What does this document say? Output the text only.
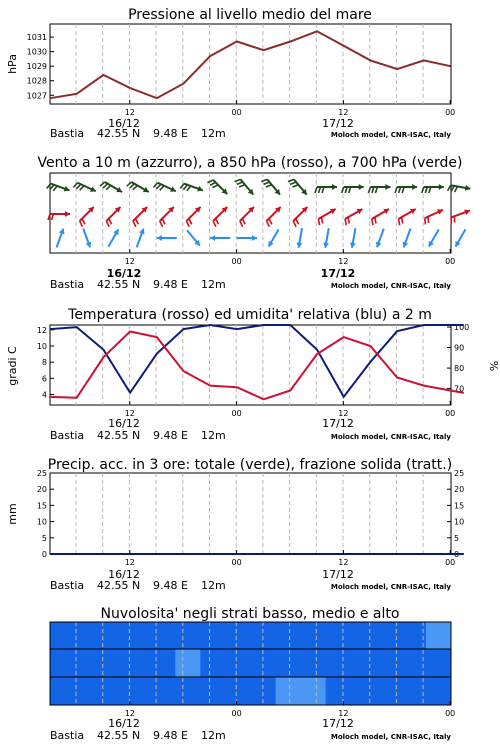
Pressione al livello medio del mare
hPa
1027
1028
1029
1030
1031
12	00	12	00
16/12	17/12
Bastia 42.55 N 9.48 E 12m	Moloch model, CNR-ISAC, Italy
Vento a 10 m (azzurro), a 850 hPa (rosso), a 700 hPa (verde)
12	00	12	00
16/12	17/12
Bastia 42.55 N 9.48 E 12m	Moloch model, CNR-ISAC, Italy
Temperatura (rosso) ed umidita' relativa (blu) a 2 m
gradi C	%
4
6
8
10
12
70
80
90
100
12	00	12	00
16/12	17/12
Bastia 42.55 N 9.48 E 12m	Moloch model, CNR-ISAC, Italy
Precip. acc. in 3 ore: totale (verde), frazione solida (tratt.)
mm
0
5
10
15
20
25
0
5
10
15
20
25
12	00	12	00
16/12	17/12
Bastia 42.55 N 9.48 E 12m	Moloch model, CNR-ISAC, Italy
Nuvolosita' negli strati basso, medio e alto
12	00	12	00
16/12	17/12
Bastia 42.55 N 9.48 E 12m	Moloch model, CNR-ISAC, Italy
